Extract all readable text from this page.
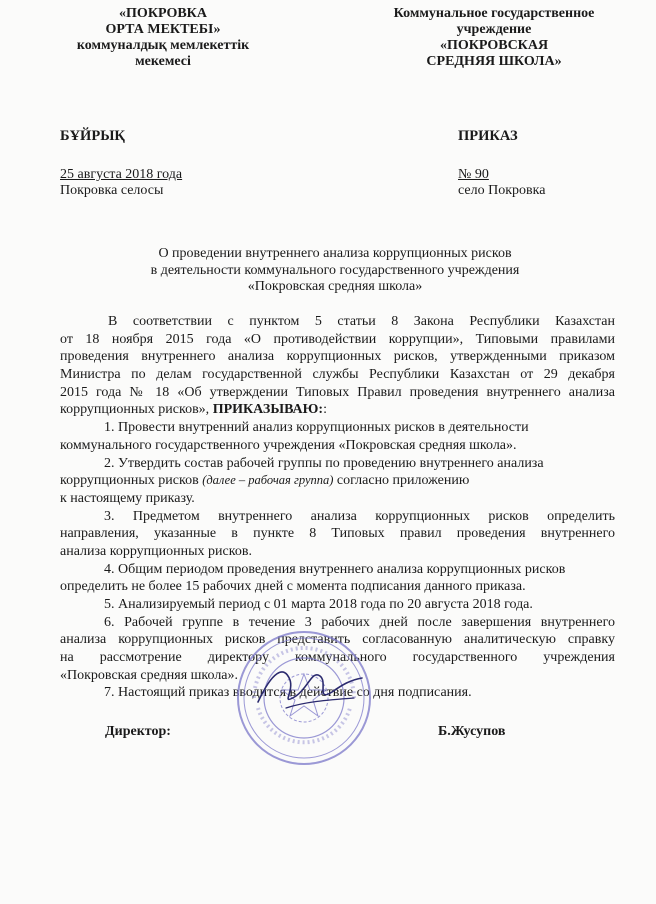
«ПОКРОВКА
ОРТА МЕКТЕБІ»
коммуналдық мемлекеттік
мекемесі
Коммунальное государственное
учреждение
«ПОКРОВСКАЯ
СРЕДНЯЯ ШКОЛА»
БҰЙРЫҚ	ПРИКАЗ
25 августа 2018 года
Покровка селосы
№ 90
село Покровка
О проведении внутреннего анализа коррупционных рисков
в деятельности коммунального государственного учреждения
«Покровская средняя школа»
В соответствии с пунктом 5 статьи 8 Закона Республики Казахстан
от 18 ноября 2015 года «О противодействии коррупции», Типовыми правилами
проведения внутреннего анализа коррупционных рисков, утвержденными приказом
Министра по делам государственной службы Республики Казахстан от 29 декабря
2015 года № 18 «Об утверждении Типовых Правил проведения внутреннего анализа
коррупционных рисков», ПРИКАЗЫВАЮ::
1. Провести внутренний анализ коррупционных рисков в деятельности
коммунального государственного учреждения «Покровская средняя школа».
2. Утвердить состав рабочей группы по проведению внутреннего анализа
коррупционных рисков (далее – рабочая группа) согласно приложению
к настоящему приказу.
3. Предметом внутреннего анализа коррупционных рисков определить
направления, указанные в пункте 8 Типовых правил проведения внутреннего
анализа коррупционных рисков.
4. Общим периодом проведения внутреннего анализа коррупционных рисков
определить не более 15 рабочих дней с момента подписания данного приказа.
5. Анализируемый период с 01 марта 2018 года по 20 августа 2018 года.
6. Рабочей группе в течение 3 рабочих дней после завершения внутреннего
анализа коррупционных рисков представить согласованную аналитическую справку
на рассмотрение директору коммунального государственного учреждения
«Покровская средняя школа».
7. Настоящий приказ вводится в действие со дня подписания.
Директор:	Б.Жусупов
